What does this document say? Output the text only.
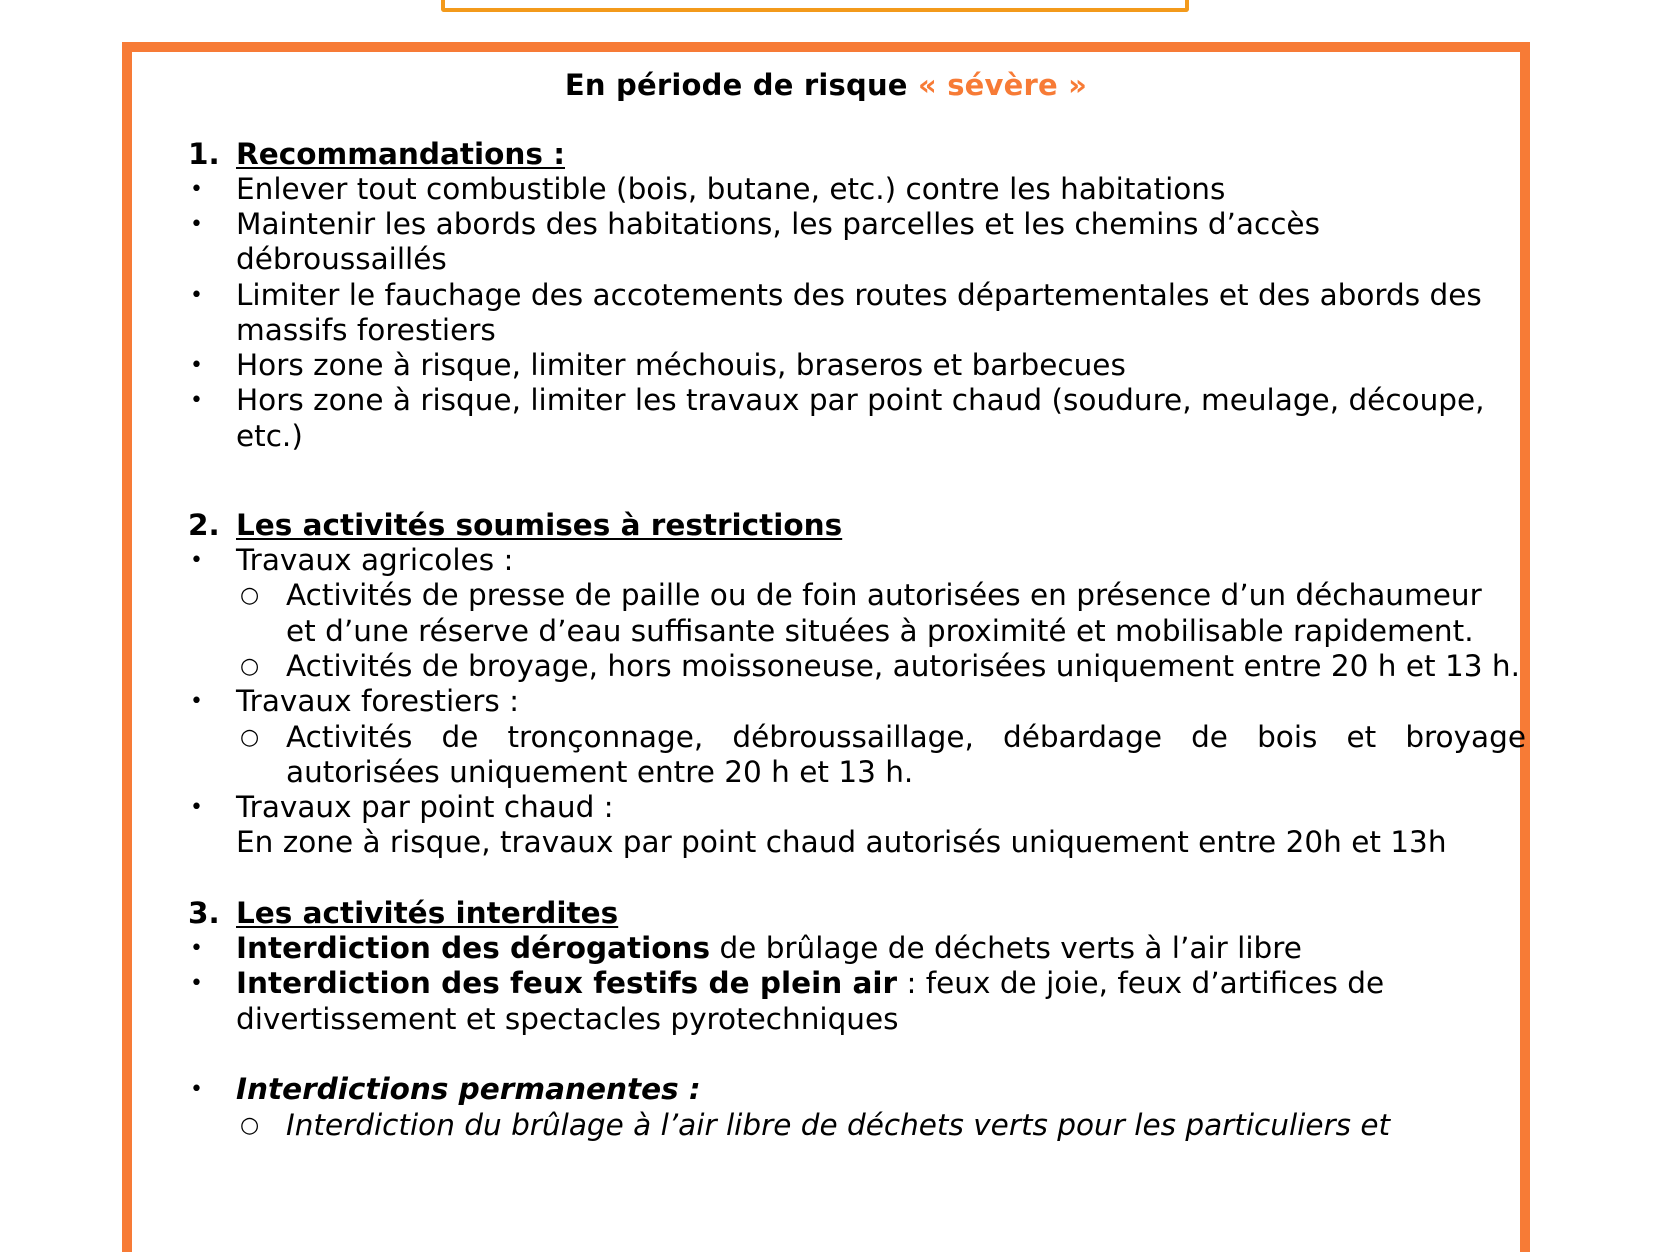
En période de risque « sévère »
1. Recommandations :
• Enlever tout combustible (bois, butane, etc.) contre les habitations
• Maintenir les abords des habitations, les parcelles et les chemins d’accès
débroussaillés
• Limiter le fauchage des accotements des routes départementales et des abords des
massifs forestiers
• Hors zone à risque, limiter méchouis, braseros et barbecues
• Hors zone à risque, limiter les travaux par point chaud (soudure, meulage, découpe,
etc.)
2. Les activités soumises à restrictions
• Travaux agricoles :
○ Activités de presse de paille ou de foin autorisées en présence d’un déchaumeur
et d’une réserve d’eau suffisante situées à proximité et mobilisable rapidement.
○ Activités de broyage, hors moissoneuse, autorisées uniquement entre 20 h et 13 h.
• Travaux forestiers :
○ Activités de tronçonnage, débroussaillage, débardage de bois et broyage
autorisées uniquement entre 20 h et 13 h.
• Travaux par point chaud :
En zone à risque, travaux par point chaud autorisés uniquement entre 20h et 13h
3. Les activités interdites
• Interdiction des dérogations de brûlage de déchets verts à l’air libre
• Interdiction des feux festifs de plein air : feux de joie, feux d’artifices de
divertissement et spectacles pyrotechniques
• Interdictions permanentes :
○ Interdiction du brûlage à l’air libre de déchets verts pour les particuliers et
